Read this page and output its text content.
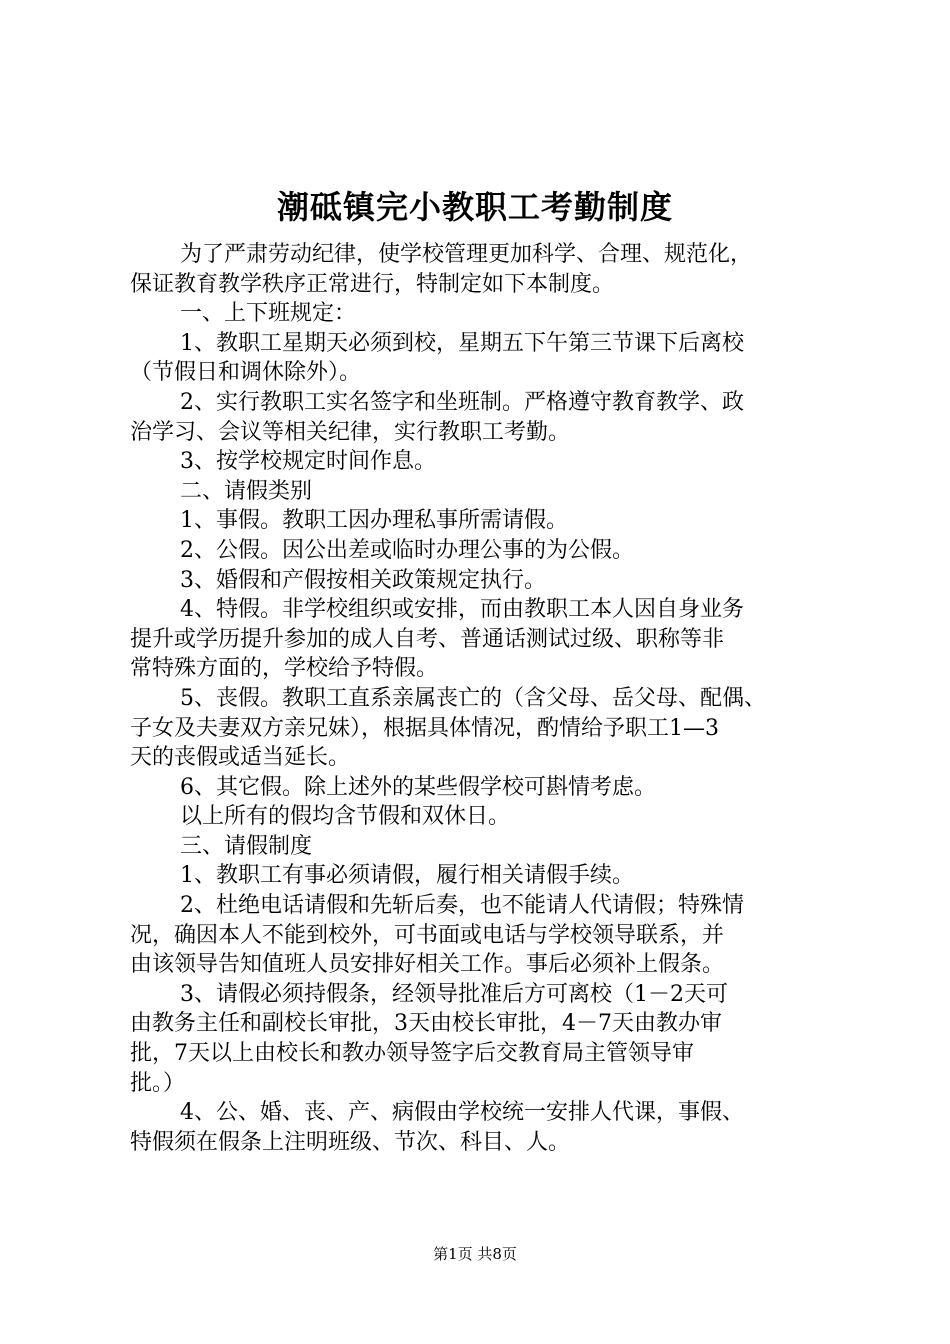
潮砥镇完小教职工考勤制度

为了严肃劳动纪律，使学校管理更加科学、合理、规范化，

保证教育教学秩序正常进行，特制定如下本制度。

一、上下班规定：

1、教职工星期天必须到校，星期五下午第三节课下后离校

（节假日和调休除外）。

2、实行教职工实名签字和坐班制。严格遵守教育教学、政

治学习、会议等相关纪律，实行教职工考勤。

3、按学校规定时间作息。

二、请假类别

1、事假。教职工因办理私事所需请假。

2、公假。因公出差或临时办理公事的为公假。

3、婚假和产假按相关政策规定执行。

4、特假。非学校组织或安排，而由教职工本人因自身业务

提升或学历提升参加的成人自考、普通话测试过级、职称等非

常特殊方面的，学校给予特假。

5、丧假。教职工直系亲属丧亡的（含父母、岳父母、配偶、

子女及夫妻双方亲兄妹），根据具体情况，酌情给予职工1—3

天的丧假或适当延长。

6、其它假。除上述外的某些假学校可斟情考虑。

以上所有的假均含节假和双休日。

三、请假制度

1、教职工有事必须请假，履行相关请假手续。

2、杜绝电话请假和先斩后奏，也不能请人代请假；特殊情

况，确因本人不能到校外，可书面或电话与学校领导联系，并

由该领导告知值班人员安排好相关工作。事后必须补上假条。

3、请假必须持假条，经领导批准后方可离校（1－2天可

由教务主任和副校长审批，3天由校长审批，4－7天由教办审

批，7天以上由校长和教办领导签字后交教育局主管领导审

批。）

4、公、婚、丧、产、病假由学校统一安排人代课，事假、

特假须在假条上注明班级、节次、科目、人。

第1页 共8页
